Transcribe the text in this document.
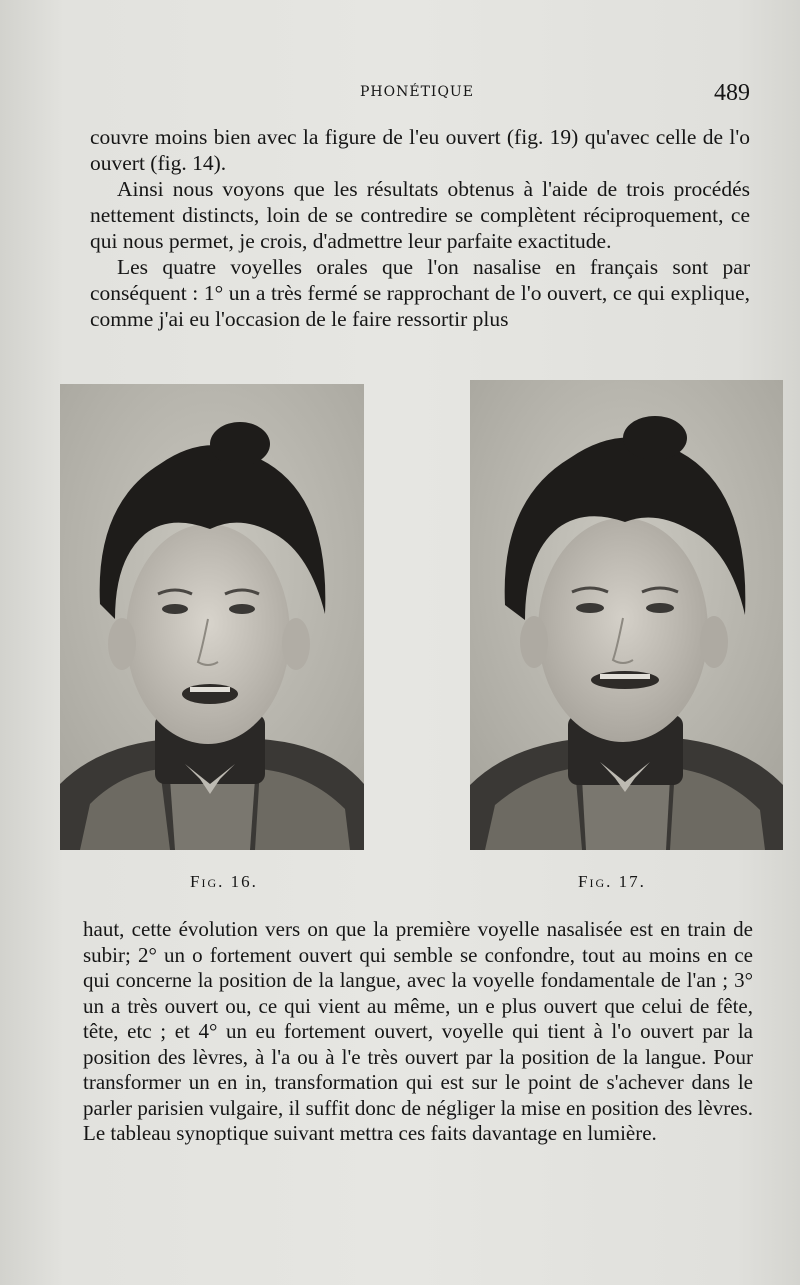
PHONÉTIQUE	489

couvre moins bien avec la figure de l'eu ouvert (fig. 19) qu'avec celle de l'o ouvert (fig. 14).

Ainsi nous voyons que les résultats obtenus à l'aide de trois procédés nettement distincts, loin de se contredire se complètent réciproquement, ce qui nous permet, je crois, d'admettre leur parfaite exactitude.

Les quatre voyelles orales que l'on nasalise en français sont par conséquent : 1° un a très fermé se rapprochant de l'o ouvert, ce qui explique, comme j'ai eu l'occasion de le faire ressortir plus

Fig. 16.	Fig. 17.

haut, cette évolution vers on que la première voyelle nasalisée est en train de subir; 2° un o fortement ouvert qui semble se confondre, tout au moins en ce qui concerne la position de la langue, avec la voyelle fondamentale de l'an ; 3° un a très ouvert ou, ce qui vient au même, un e plus ouvert que celui de fête, tête, etc ; et 4° un eu fortement ouvert, voyelle qui tient à l'o ouvert par la position des lèvres, à l'a ou à l'e très ouvert par la position de la langue. Pour transformer un en in, transformation qui est sur le point de s'achever dans le parler parisien vulgaire, il suffit donc de négliger la mise en position des lèvres. Le tableau synoptique suivant mettra ces faits davantage en lumière.
